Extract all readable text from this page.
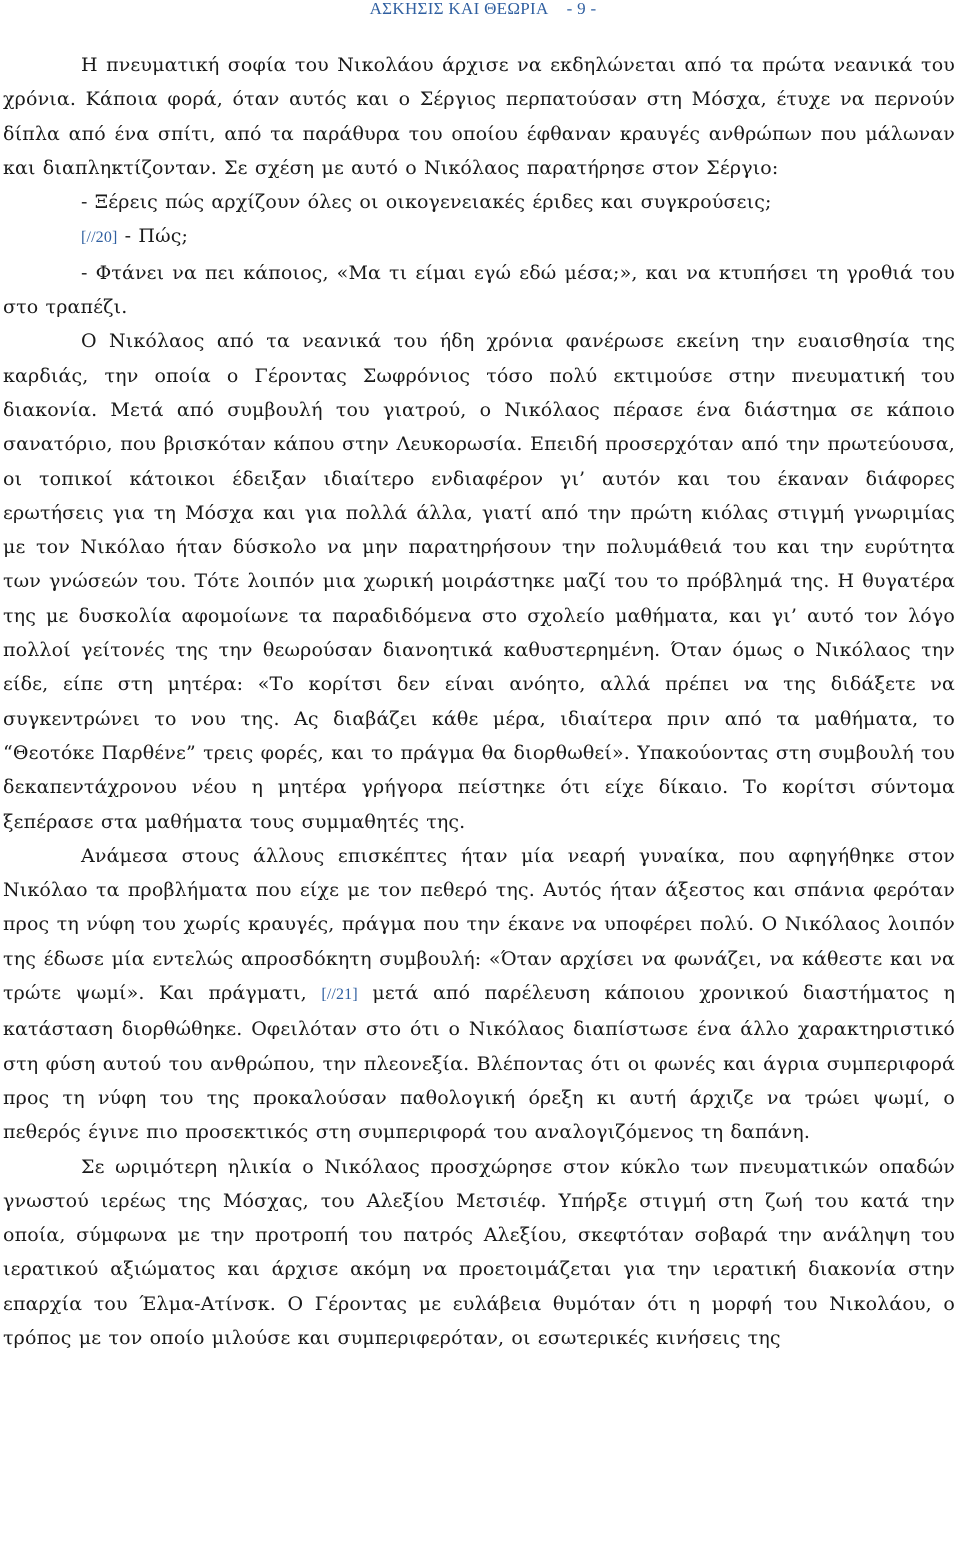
ΑΣΚΗΣΙΣ ΚΑΙ ΘΕΩΡΙΑ - 9 -

Η πνευματική σοφία του Νικολάου άρχισε να εκδηλώνεται από τα πρώτα νεανικά του χρόνια. Κάποια φορά, όταν αυτός και ο Σέργιος περπατούσαν στη Μόσχα, έτυχε να περνούν δίπλα από ένα σπίτι, από τα παράθυρα του οποίου έφθαναν κραυγές ανθρώπων που μάλωναν και διαπληκτίζονταν. Σε σχέση με αυτό ο Νικόλαος παρατήρησε στον Σέργιο:

- Ξέρεις πώς αρχίζουν όλες οι οικογενειακές έριδες και συγκρούσεις;

[//20] - Πώς;

- Φτάνει να πει κάποιος, «Μα τι είμαι εγώ εδώ μέσα;», και να κτυπήσει τη γροθιά του στο τραπέζι.

Ο Νικόλαος από τα νεανικά του ήδη χρόνια φανέρωσε εκείνη την ευαισθησία της καρδιάς, την οποία ο Γέροντας Σωφρόνιος τόσο πολύ εκτιμούσε στην πνευματική του διακονία. Μετά από συμβουλή του γιατρού, ο Νικόλαος πέρασε ένα διάστημα σε κάποιο σανατόριο, που βρισκόταν κάπου στην Λευκορωσία. Επειδή προσερχόταν από την πρωτεύουσα, οι τοπικοί κάτοικοι έδειξαν ιδιαίτερο ενδιαφέρον γι’ αυτόν και του έκαναν διάφορες ερωτήσεις για τη Μόσχα και για πολλά άλλα, γιατί από την πρώτη κιόλας στιγμή γνωριμίας με τον Νικόλαο ήταν δύσκολο να μην παρατηρήσουν την πολυμάθειά του και την ευρύτητα των γνώσεών του. Τότε λοιπόν μια χωρική μοιράστηκε μαζί του το πρόβλημά της. Η θυγατέρα της με δυσκολία αφομοίωνε τα παραδιδόμενα στο σχολείο μαθήματα, και γι’ αυτό τον λόγο πολλοί γείτονές της την θεωρούσαν διανοητικά καθυστερημένη. Όταν όμως ο Νικόλαος την είδε, είπε στη μητέρα: «Το κορίτσι δεν είναι ανόητο, αλλά πρέπει να της διδάξετε να συγκεντρώνει το νου της. Ας διαβάζει κάθε μέρα, ιδιαίτερα πριν από τα μαθήματα, το “Θεοτόκε Παρθένε” τρεις φορές, και το πράγμα θα διορθωθεί». Υπακούοντας στη συμβουλή του δεκαπεντάχρονου νέου η μητέρα γρήγορα πείστηκε ότι είχε δίκαιο. Το κορίτσι σύντομα ξεπέρασε στα μαθήματα τους συμμαθητές της.

Ανάμεσα στους άλλους επισκέπτες ήταν μία νεαρή γυναίκα, που αφηγήθηκε στον Νικόλαο τα προβλήματα που είχε με τον πεθερό της. Αυτός ήταν άξεστος και σπάνια φερόταν προς τη νύφη του χωρίς κραυγές, πράγμα που την έκανε να υποφέρει πολύ. Ο Νικόλαος λοιπόν της έδωσε μία εντελώς απροσδόκητη συμβουλή: «Όταν αρχίσει να φωνάζει, να κάθεστε και να τρώτε ψωμί». Και πράγματι, [//21] μετά από παρέλευση κάποιου χρονικού διαστήματος η κατάσταση διορθώθηκε. Οφειλόταν στο ότι ο Νικόλαος διαπίστωσε ένα άλλο χαρακτηριστικό στη φύση αυτού του ανθρώπου, την πλεονεξία. Βλέποντας ότι οι φωνές και άγρια συμπεριφορά προς τη νύφη του της προκαλούσαν παθολογική όρεξη κι αυτή άρχιζε να τρώει ψωμί, ο πεθερός έγινε πιο προσεκτικός στη συμπεριφορά του αναλογιζόμενος τη δαπάνη.

Σε ωριμότερη ηλικία ο Νικόλαος προσχώρησε στον κύκλο των πνευματικών οπαδών γνωστού ιερέως της Μόσχας, του Αλεξίου Μετσιέφ. Υπήρξε στιγμή στη ζωή του κατά την οποία, σύμφωνα με την προτροπή του πατρός Αλεξίου, σκεφτόταν σοβαρά την ανάληψη του ιερατικού αξιώματος και άρχισε ακόμη να προετοιμάζεται για την ιερατική διακονία στην επαρχία του Έλμα-Ατίνσκ. Ο Γέροντας με ευλάβεια θυμόταν ότι η μορφή του Νικολάου, ο τρόπος με τον οποίο μιλούσε και συμπεριφερόταν, οι εσωτερικές κινήσεις της
